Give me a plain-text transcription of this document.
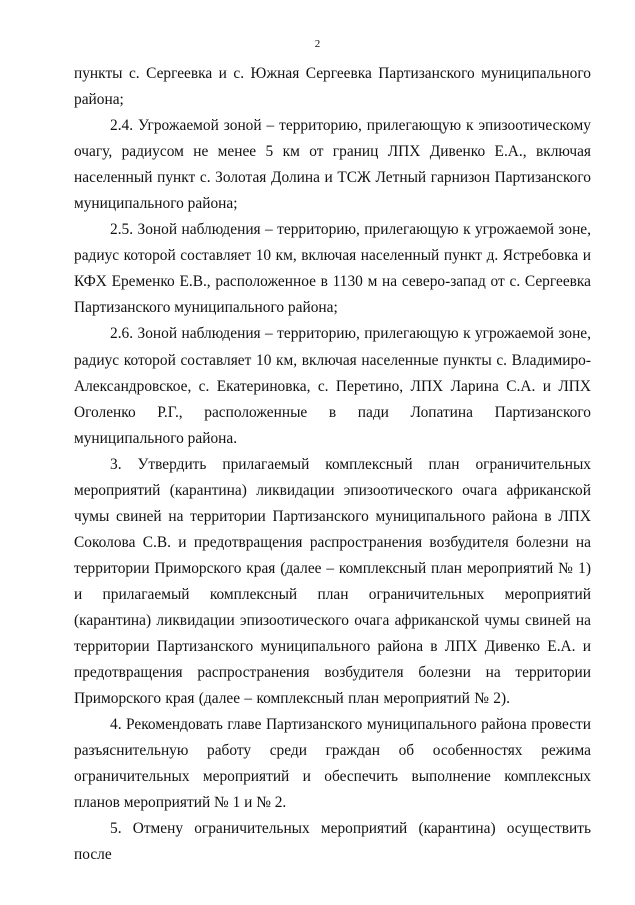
2

пункты с. Сергеевка и с. Южная Сергеевка Партизанского муниципального района;

2.4. Угрожаемой зоной – территорию, прилегающую к эпизоотическому очагу, радиусом не менее 5 км от границ ЛПХ Дивенко Е.А., включая населенный пункт с. Золотая Долина и ТСЖ Летный гарнизон Партизанского муниципального района;

2.5. Зоной наблюдения – территорию, прилегающую к угрожаемой зоне, радиус которой составляет 10 км, включая населенный пункт д. Ястребовка и КФХ Еременко Е.В., расположенное в 1130 м на северо-запад от с. Сергеевка Партизанского муниципального района;

2.6. Зоной наблюдения – территорию, прилегающую к угрожаемой зоне, радиус которой составляет 10 км, включая населенные пункты с. Владимиро-Александровское, с. Екатериновка, с. Перетино, ЛПХ Ларина С.А. и ЛПХ Оголенко Р.Г., расположенные в пади Лопатина Партизанского муниципального района.

3. Утвердить прилагаемый комплексный план ограничительных мероприятий (карантина) ликвидации эпизоотического очага африканской чумы свиней на территории Партизанского муниципального района в ЛПХ Соколова С.В. и предотвращения распространения возбудителя болезни на территории Приморского края (далее – комплексный план мероприятий № 1) и прилагаемый комплексный план ограничительных мероприятий (карантина) ликвидации эпизоотического очага африканской чумы свиней на территории Партизанского муниципального района в ЛПХ Дивенко Е.А. и предотвращения распространения возбудителя болезни на территории Приморского края (далее – комплексный план мероприятий № 2).

4. Рекомендовать главе Партизанского муниципального района провести разъяснительную работу среди граждан об особенностях режима ограничительных мероприятий и обеспечить выполнение комплексных планов мероприятий № 1 и № 2.

5. Отмену ограничительных мероприятий (карантина) осуществить после
